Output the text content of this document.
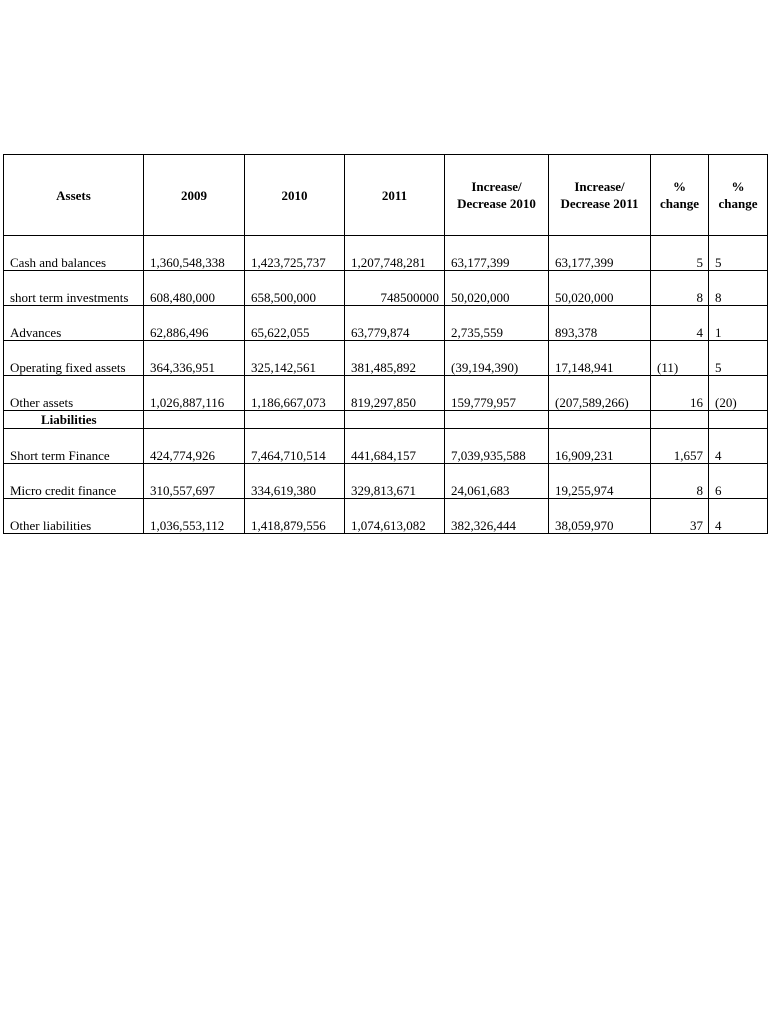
Assets	2009	2010	2011	Increase/ Decrease 2010	Increase/ Decrease 2011	% change	% change
Cash and balances	1,360,548,338	1,423,725,737	1,207,748,281	63,177,399	63,177,399	5	5
short term investments	608,480,000	658,500,000	748500000	50,020,000	50,020,000	8	8
Advances	62,886,496	65,622,055	63,779,874	2,735,559	893,378	4	1
Operating fixed assets	364,336,951	325,142,561	381,485,892	(39,194,390)	17,148,941	(11)	5
Other assets	1,026,887,116	1,186,667,073	819,297,850	159,779,957	(207,589,266)	16	(20)
Liabilities							
Short term Finance	424,774,926	7,464,710,514	441,684,157	7,039,935,588	16,909,231	1,657	4
Micro credit finance	310,557,697	334,619,380	329,813,671	24,061,683	19,255,974	8	6
Other liabilities	1,036,553,112	1,418,879,556	1,074,613,082	382,326,444	38,059,970	37	4
